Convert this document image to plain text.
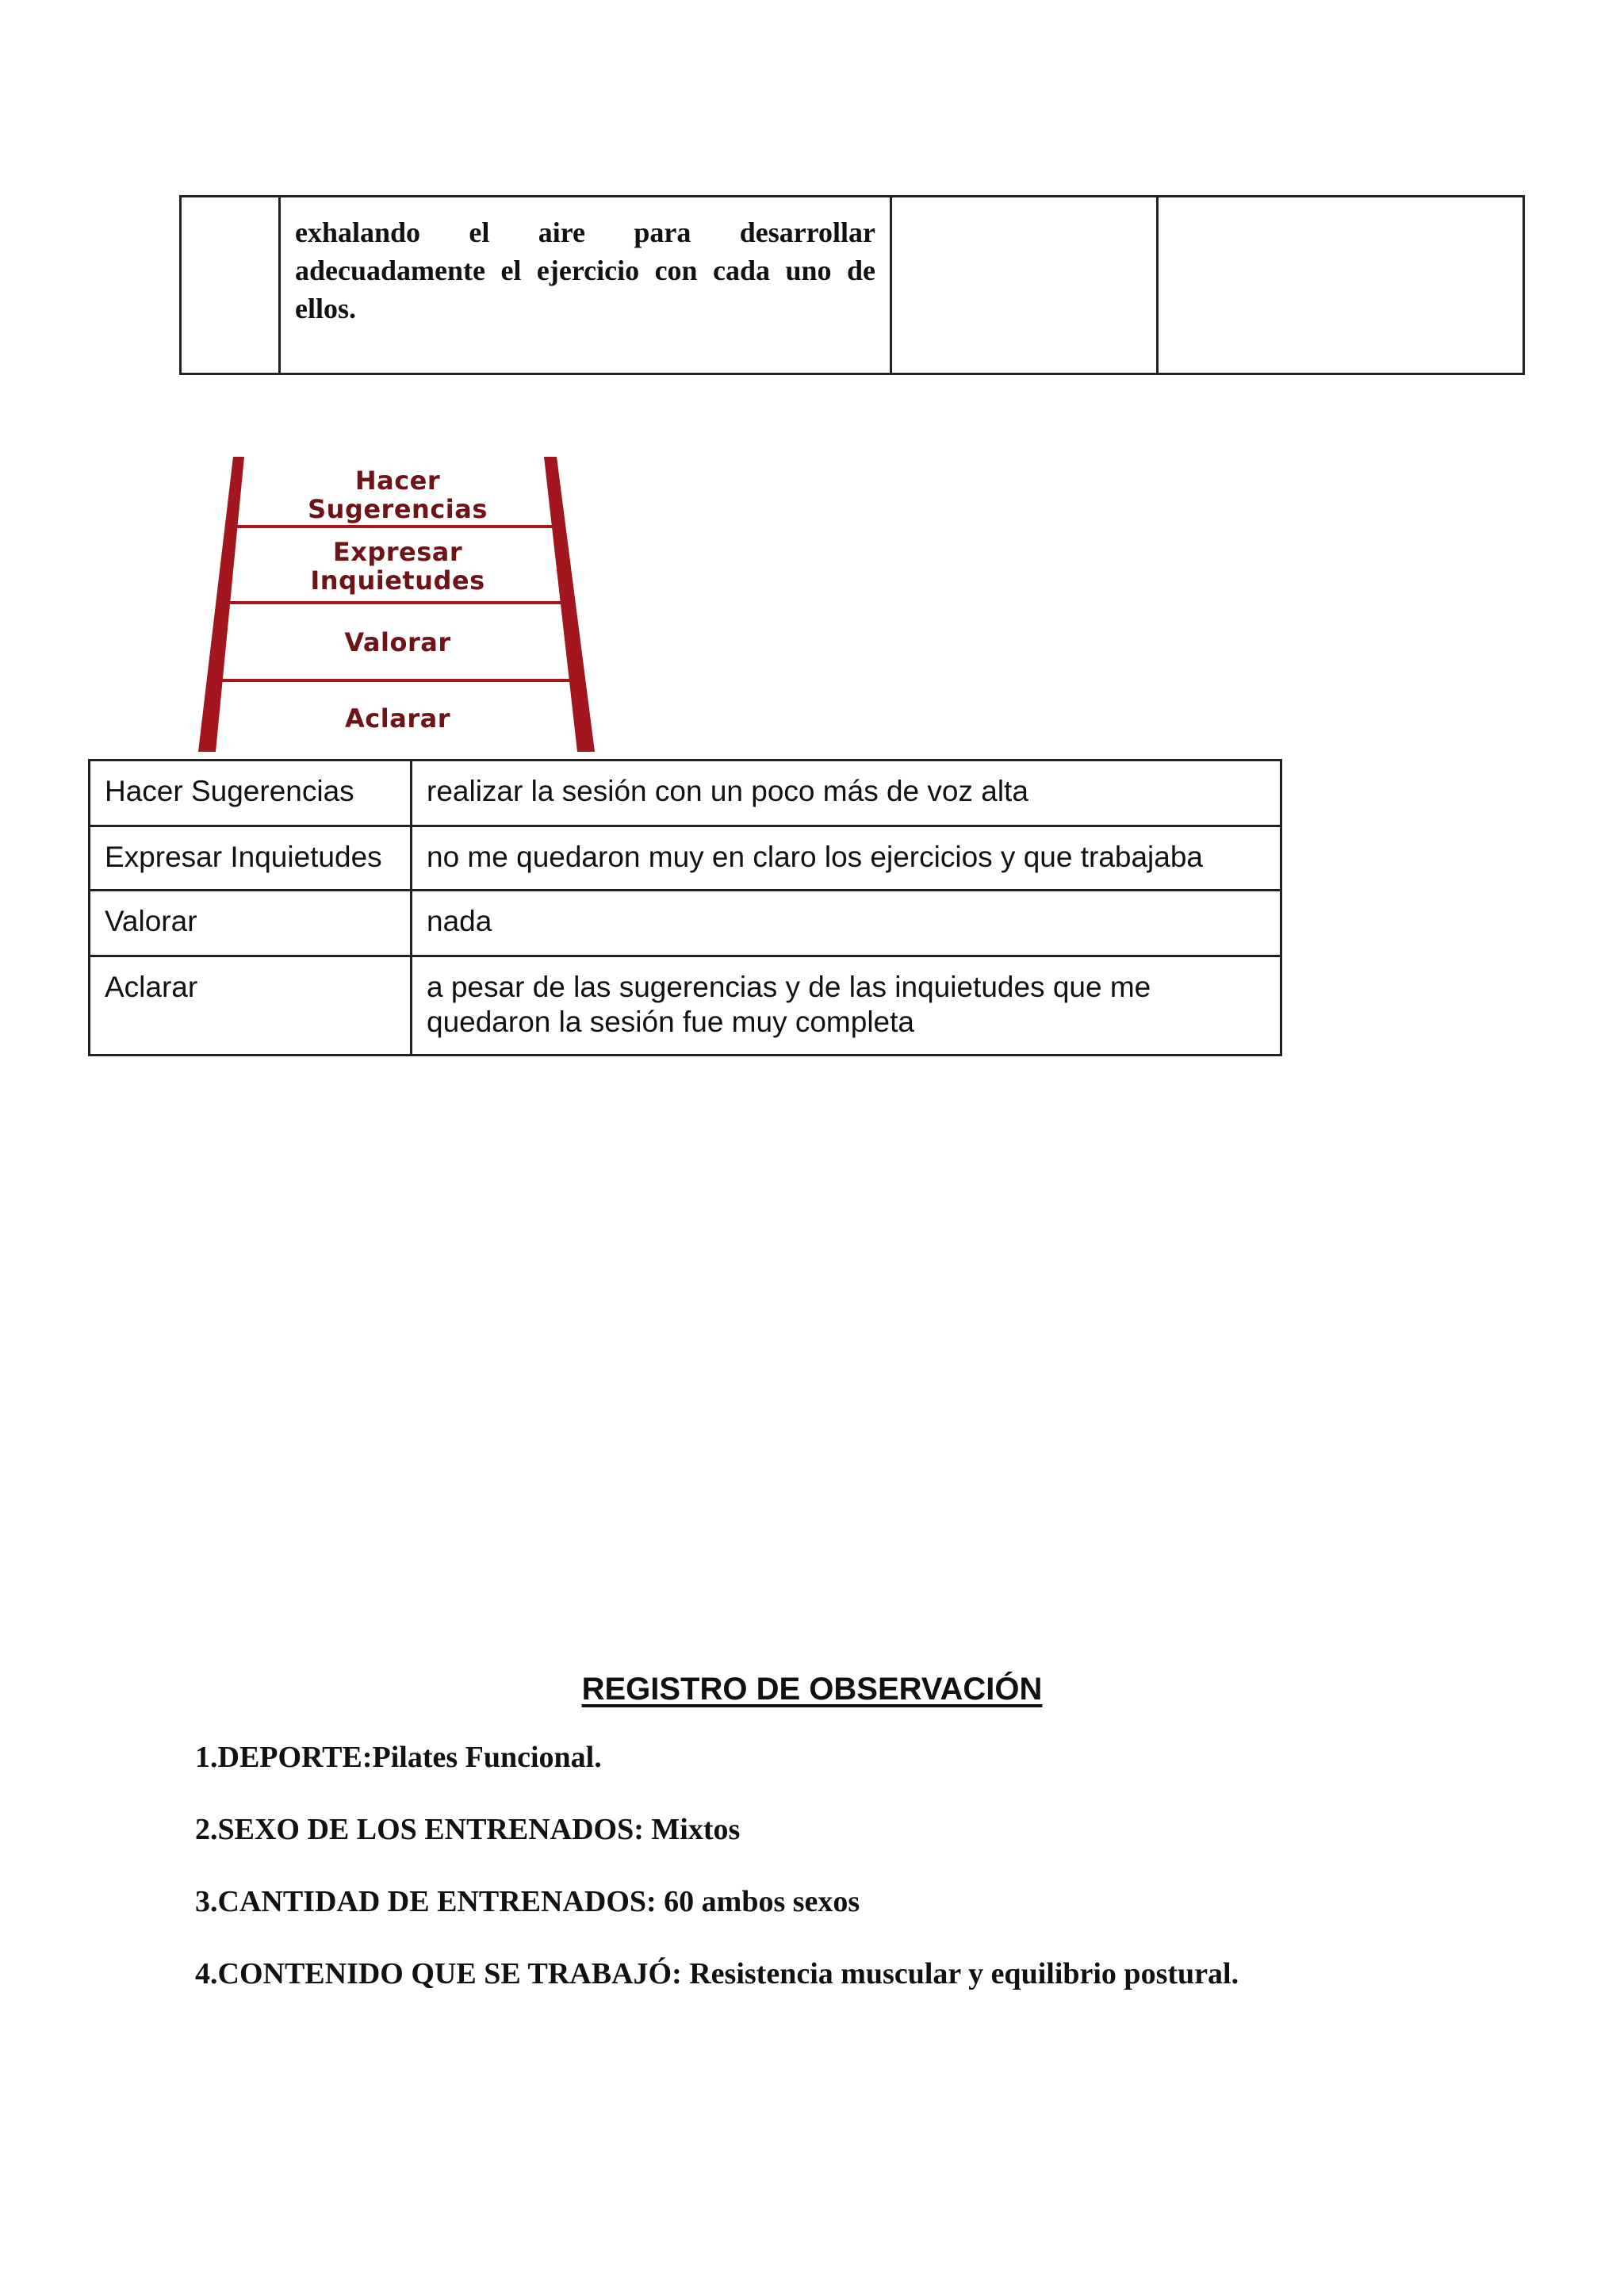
exhalando el aire para desarrollar adecuadamente el ejercicio con cada uno de ellos.

Hacer
Sugerencias
Expresar
Inquietudes
Valorar
Aclarar
Hacer Sugerencias	realizar la sesión con un poco más de voz alta
Expresar Inquietudes	no me quedaron muy en claro los ejercicios y que trabajaba
Valorar	nada
Aclarar	a pesar de las sugerencias y de las inquietudes que me quedaron la sesión fue muy completa
REGISTRO DE OBSERVACIÓN
1.DEPORTE:Pilates Funcional.
2.SEXO DE LOS ENTRENADOS: Mixtos
3.CANTIDAD DE ENTRENADOS: 60 ambos sexos
4.CONTENIDO QUE SE TRABAJÓ: Resistencia muscular y equilibrio postural.
